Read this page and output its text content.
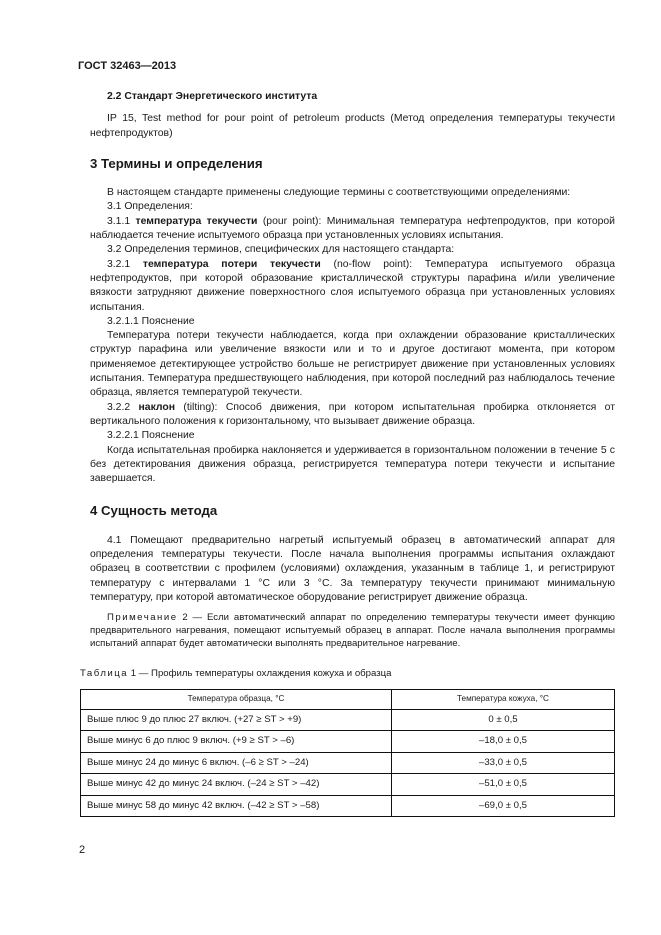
ГОСТ 32463—2013
2.2 Стандарт Энергетического института

IP 15, Test method for pour point of petroleum products (Метод определения температуры текучести нефтепродуктов)

3 Термины и определения

В настоящем стандарте применены следующие термины с соответствующими определениями:

3.1 Определения:

3.1.1 температура текучести (pour point): Минимальная температура нефтепродуктов, при которой наблюдается течение испытуемого образца при установленных условиях испытания.

3.2 Определения терминов, специфических для настоящего стандарта:

3.2.1 температура потери текучести (no-flow point): Температура испытуемого образца нефтепродуктов, при которой образование кристаллической структуры парафина и/или увеличение вязкости затрудняют движение поверхностного слоя испытуемого образца при установленных условиях испытания.

3.2.1.1 Пояснение

Температура потери текучести наблюдается, когда при охлаждении образование кристаллических структур парафина или увеличение вязкости или и то и другое достигают момента, при котором применяемое детектирующее устройство больше не регистрирует движение при установленных условиях испытания. Температура предшествующего наблюдения, при которой последний раз наблюдалось течение образца, является температурой текучести.

3.2.2 наклон (tilting): Способ движения, при котором испытательная пробирка отклоняется от вертикального положения к горизонтальному, что вызывает движение образца.

3.2.2.1 Пояснение

Когда испытательная пробирка наклоняется и удерживается в горизонтальном положении в течение 5 с без детектирования движения образца, регистрируется температура потери текучести и испытание завершается.

4 Сущность метода

4.1 Помещают предварительно нагретый испытуемый образец в автоматический аппарат для определения температуры текучести. После начала выполнения программы испытания охлаждают образец в соответствии с профилем (условиями) охлаждения, указанным в таблице 1, и регистрируют температуру с интервалами 1 °С или 3 °С. За температуру текучести принимают минимальную температуру, при которой автоматическое оборудование регистрирует движение образца.

Примечание 2 — Если автоматический аппарат по определению температуры текучести имеет функцию предварительного нагревания, помещают испытуемый образец в аппарат. После начала выполнения программы испытаний аппарат будет автоматически выполнять предварительное нагревание.

Таблица 1 — Профиль температуры охлаждения кожуха и образца
Температура образца, °С	Температура кожуха, °С
Выше плюс 9 до плюс 27 включ. (+27 ≥ ST > +9)	0 ± 0,5
Выше минус 6 до плюс 9 включ. (+9 ≥ ST > –6)	–18,0 ± 0,5
Выше минус 24 до минус 6 включ. (–6 ≥ ST > –24)	–33,0 ± 0,5
Выше минус 42 до минус 24 включ. (–24 ≥ ST > –42)	–51,0 ± 0,5
Выше минус 58 до минус 42 включ. (–42 ≥ ST > –58)	–69,0 ± 0,5
2
